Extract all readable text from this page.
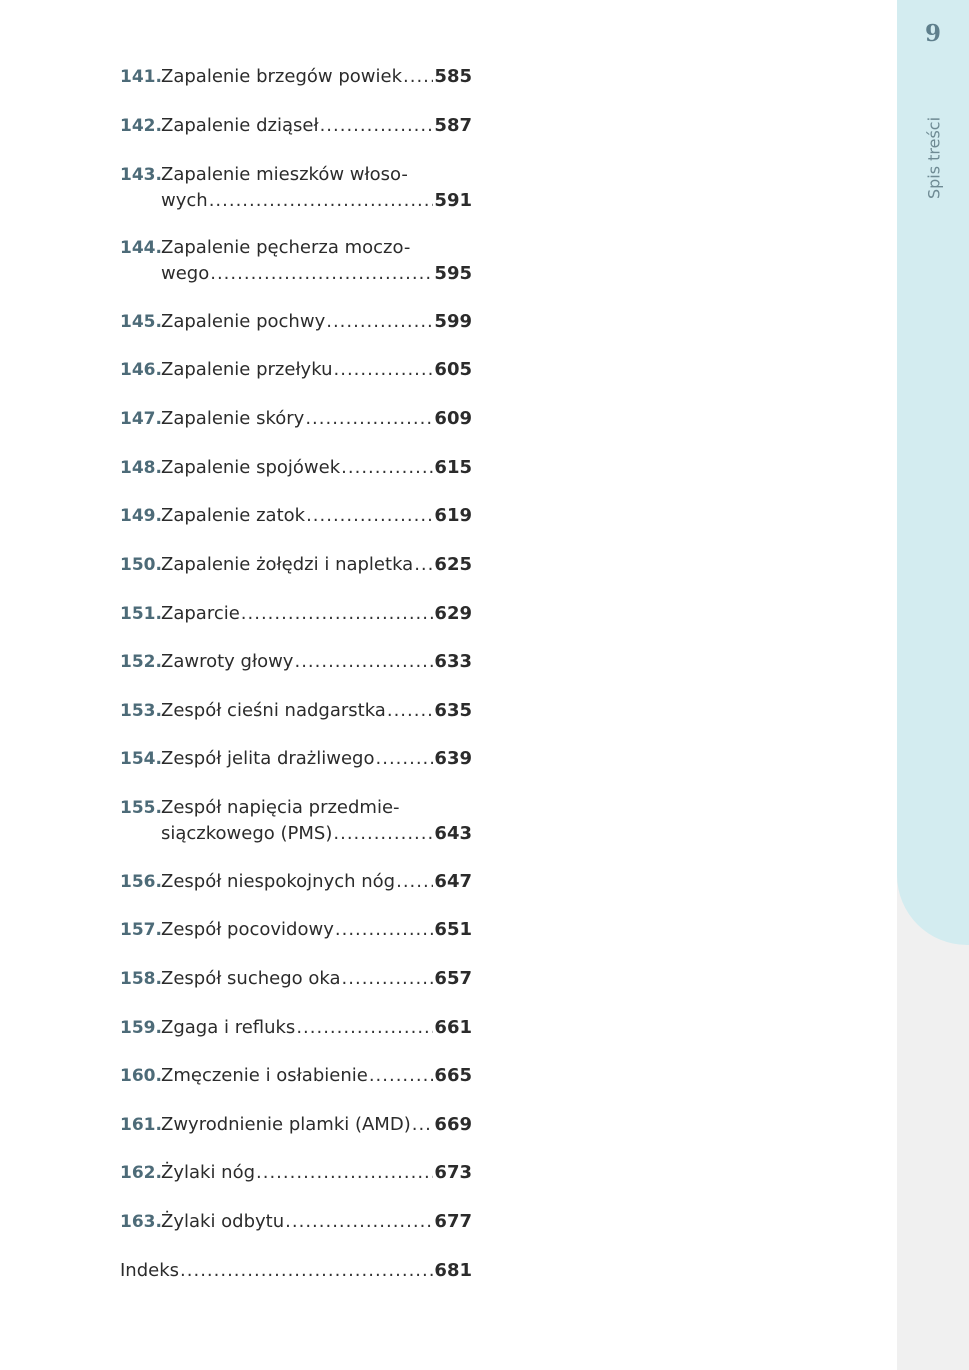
9
Spis treści
141. Zapalenie brzegów powiek ..... 585
142. Zapalenie dziąseł .....	587
143. Zapalenie mieszków włoso-
wych .....	591
144. Zapalenie pęcherza moczo-
wego .....	595
145. Zapalenie pochwy .....	599
146. Zapalenie przełyku .....	605
147. Zapalenie skóry .....	609
148. Zapalenie spojówek .....	615
149. Zapalenie zatok .....	619
150. Zapalenie żołędzi i napletka ..... 625
151. Zaparcie .....	629
152. Zawroty głowy .....	633
153. Zespół cieśni nadgarstka .....	635
154. Zespół jelita drażliwego .....	639
155. Zespół napięcia przedmie-
siączkowego (PMS) .....	643
156. Zespół niespokojnych nóg ..... 647
157. Zespół pocovidowy .....	651
158. Zespół suchego oka .....	657
159. Zgaga i refluks .....	661
160. Zmęczenie i osłabienie .....	665
161. Zwyrodnienie plamki (AMD) ..... 669
162. Żylaki nóg .....	673
163. Żylaki odbytu .....	677
Indeks .....	681
